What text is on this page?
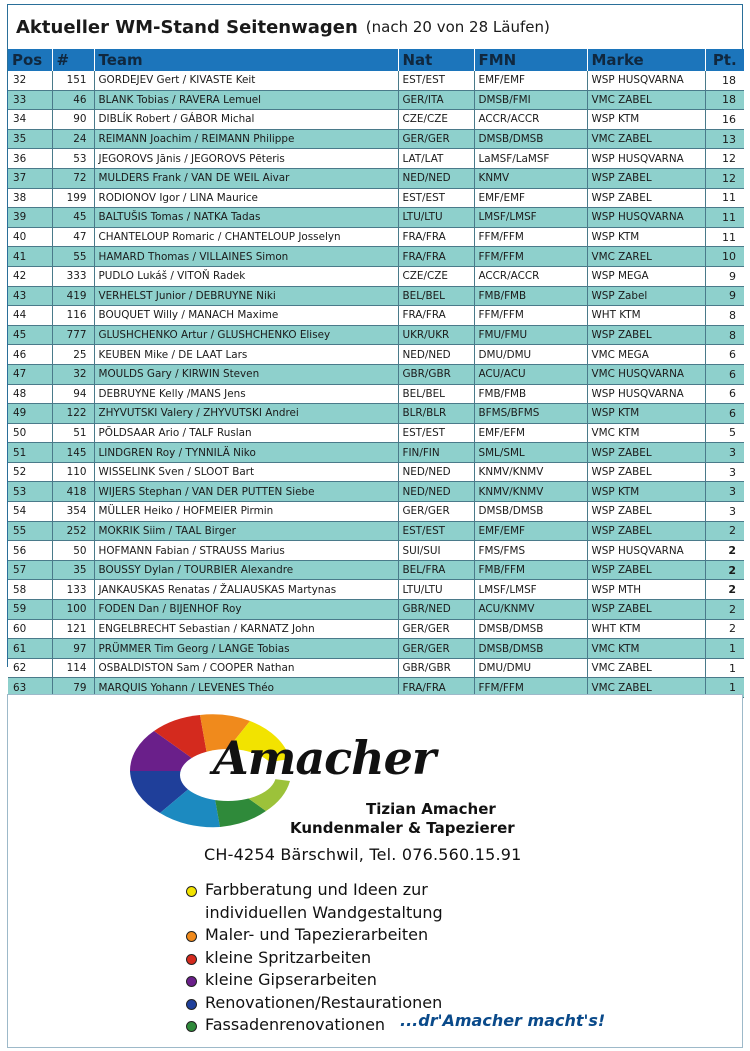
Aktueller WM-Stand Seitenwagen (nach 20 von 28 Läufen)
Pos	#	Team	Nat	FMN	Marke	Pt.
32	151	GORDEJEV Gert / KIVASTE Keit	EST/EST	EMF/EMF	WSP HUSQVARNA	18
33	46	BLANK Tobias / RAVERA Lemuel	GER/ITA	DMSB/FMI	VMC ZABEL	18
34	90	DIBLÍK Robert / GÁBOR Michal	CZE/CZE	ACCR/ACCR	WSP KTM	16
35	24	REIMANN Joachim / REIMANN Philippe	GER/GER	DMSB/DMSB	VMC ZABEL	13
36	53	JEGOROVS Jānis / JEGOROVS Pēteris	LAT/LAT	LaMSF/LaMSF	WSP HUSQVARNA	12
37	72	MULDERS Frank / VAN DE WEIL Aivar	NED/NED	KNMV	WSP ZABEL	12
38	199	RODIONOV Igor / LINA Maurice	EST/EST	EMF/EMF	WSP ZABEL	11
39	45	BALTUŠIS Tomas / NATKA Tadas	LTU/LTU	LMSF/LMSF	WSP HUSQVARNA	11
40	47	CHANTELOUP Romaric / CHANTELOUP Josselyn	FRA/FRA	FFM/FFM	WSP KTM	11
41	55	HAMARD Thomas / VILLAINES Simon	FRA/FRA	FFM/FFM	VMC ZAREL	10
42	333	PUDLO Lukáš / VITOŇ Radek	CZE/CZE	ACCR/ACCR	WSP MEGA	9
43	419	VERHELST Junior / DEBRUYNE Niki	BEL/BEL	FMB/FMB	WSP Zabel	9
44	116	BOUQUET Willy / MANACH Maxime	FRA/FRA	FFM/FFM	WHT KTM	8
45	777	GLUSHCHENKO Artur / GLUSHCHENKO Elisey	UKR/UKR	FMU/FMU	WSP ZABEL	8
46	25	KEUBEN Mike / DE LAAT Lars	NED/NED	DMU/DMU	VMC MEGA	6
47	32	MOULDS Gary / KIRWIN Steven	GBR/GBR	ACU/ACU	VMC HUSQVARNA	6
48	94	DEBRUYNE Kelly /MANS Jens	BEL/BEL	FMB/FMB	WSP HUSQVARNA	6
49	122	ZHYVUTSKI Valery / ZHYVUTSKI Andrei	BLR/BLR	BFMS/BFMS	WSP KTM	6
50	51	PÕLDSAAR Ario / TALF Ruslan	EST/EST	EMF/EFM	VMC KTM	5
51	145	LINDGREN Roy / TYNNILÄ Niko	FIN/FIN	SML/SML	WSP ZABEL	3
52	110	WISSELINK Sven / SLOOT Bart	NED/NED	KNMV/KNMV	WSP ZABEL	3
53	418	WIJERS Stephan / VAN DER PUTTEN Siebe	NED/NED	KNMV/KNMV	WSP KTM	3
54	354	MÜLLER Heiko / HOFMEIER Pirmin	GER/GER	DMSB/DMSB	WSP ZABEL	3
55	252	MOKRIK Siim / TAAL Birger	EST/EST	EMF/EMF	WSP ZABEL	2
56	50	HOFMANN Fabian / STRAUSS Marius	SUI/SUI	FMS/FMS	WSP HUSQVARNA	2
57	35	BOUSSY Dylan / TOURBIER Alexandre	BEL/FRA	FMB/FFM	WSP ZABEL	2
58	133	JANKAUSKAS Renatas / ŽALIAUSKAS Martynas	LTU/LTU	LMSF/LMSF	WSP MTH	2
59	100	FODEN Dan / BIJENHOF Roy	GBR/NED	ACU/KNMV	WSP ZABEL	2
60	121	ENGELBRECHT Sebastian / KARNATZ John	GER/GER	DMSB/DMSB	WHT KTM	2
61	97	PRÜMMER Tim Georg / LANGE Tobias	GER/GER	DMSB/DMSB	VMC KTM	1
62	114	OSBALDISTON Sam / COOPER Nathan	GBR/GBR	DMU/DMU	VMC ZABEL	1
63	79	MARQUIS Yohann / LEVENES Théo	FRA/FRA	FFM/FFM	VMC ZABEL	1
Amacher
Tizian Amacher
Kundenmaler & Tapezierer
CH-4254 Bärschwil, Tel. 076.560.15.91
Farbberatung und Ideen zur
individuellen Wandgestaltung
Maler- und Tapezierarbeiten
kleine Spritzarbeiten
kleine Gipserarbeiten
Renovationen/Restaurationen
Fassadenrenovationen ...dr'Amacher macht's!
